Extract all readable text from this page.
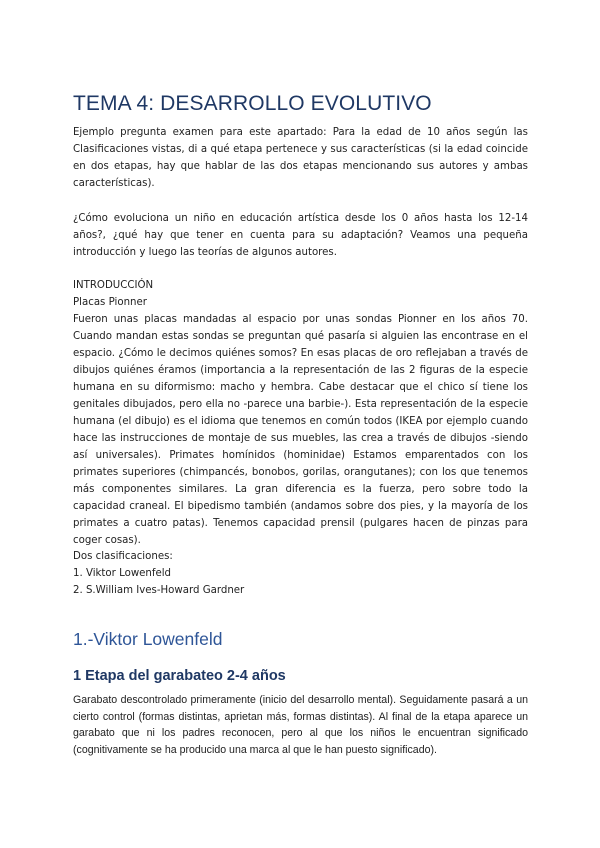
TEMA 4: DESARROLLO EVOLUTIVO

Ejemplo pregunta examen para este apartado: Para la edad de 10 años según las Clasificaciones vistas, di a qué etapa pertenece y sus características (si la edad coincide en dos etapas, hay que hablar de las dos etapas mencionando sus autores y ambas características).

¿Cómo evoluciona un niño en educación artística desde los 0 años hasta los 12-14 años?, ¿qué hay que tener en cuenta para su adaptación? Veamos una pequeña introducción y luego las teorías de algunos autores.

INTRODUCCIÓN
Placas Pionner

Fueron unas placas mandadas al espacio por unas sondas Pionner en los años 70. Cuando mandan estas sondas se preguntan qué pasaría si alguien las encontrase en el espacio. ¿Cómo le decimos quiénes somos? En esas placas de oro reflejaban a través de dibujos quiénes éramos (importancia a la representación de las 2 figuras de la especie humana en su diformismo: macho y hembra. Cabe destacar que el chico sí tiene los genitales dibujados, pero ella no -parece una barbie-). Esta representación de la especie humana (el dibujo) es el idioma que tenemos en común todos (IKEA por ejemplo cuando hace las instrucciones de montaje de sus muebles, las crea a través de dibujos -siendo así universales). Primates homínidos (hominidae) Estamos emparentados con los primates superiores (chimpancés, bonobos, gorilas, orangutanes); con los que tenemos más componentes similares. La gran diferencia es la fuerza, pero sobre todo la capacidad craneal. El bipedismo también (andamos sobre dos pies, y la mayoría de los primates a cuatro patas). Tenemos capacidad prensil (pulgares hacen de pinzas para coger cosas).

Dos clasificaciones:
1. Viktor Lowenfeld
2. S.William Ives-Howard Gardner
1.-Viktor Lowenfeld
1 Etapa del garabateo 2-4 años

Garabato descontrolado primeramente (inicio del desarrollo mental). Seguidamente pasará a un cierto control (formas distintas, aprietan más, formas distintas). Al final de la etapa aparece un garabato que ni los padres reconocen, pero al que los niños le encuentran significado (cognitivamente se ha producido una marca al que le han puesto significado).
